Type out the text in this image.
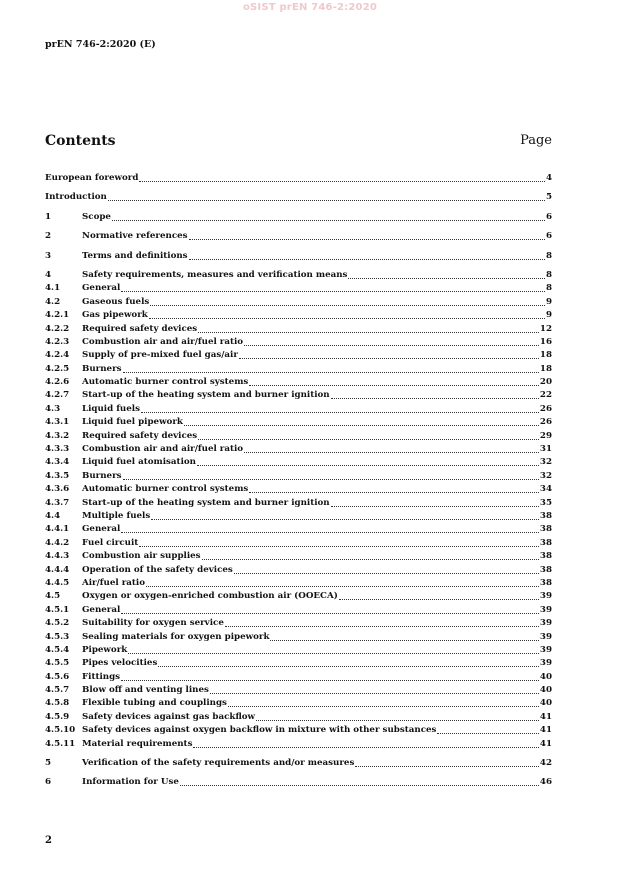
oSIST prEN 746-2:2020
prEN 746-2:2020 (E)
Contents	Page
European foreword	4
Introduction	5
1	Scope	6
2	Normative references	6
3	Terms and definitions	8
4	Safety requirements, measures and verification means	8
4.1	General	8
4.2	Gaseous fuels	9
4.2.1	Gas pipework	9
4.2.2	Required safety devices	12
4.2.3	Combustion air and air/fuel ratio	16
4.2.4	Supply of pre-mixed fuel gas/air	18
4.2.5	Burners	18
4.2.6	Automatic burner control systems	20
4.2.7	Start-up of the heating system and burner ignition	22
4.3	Liquid fuels	26
4.3.1	Liquid fuel pipework	26
4.3.2	Required safety devices	29
4.3.3	Combustion air and air/fuel ratio	31
4.3.4	Liquid fuel atomisation	32
4.3.5	Burners	32
4.3.6	Automatic burner control systems	34
4.3.7	Start-up of the heating system and burner ignition	35
4.4	Multiple fuels	38
4.4.1	General	38
4.4.2	Fuel circuit	38
4.4.3	Combustion air supplies	38
4.4.4	Operation of the safety devices	38
4.4.5	Air/fuel ratio	38
4.5	Oxygen or oxygen-enriched combustion air (OOECA)	39
4.5.1	General	39
4.5.2	Suitability for oxygen service	39
4.5.3	Sealing materials for oxygen pipework	39
4.5.4	Pipework	39
4.5.5	Pipes velocities	39
4.5.6	Fittings	40
4.5.7	Blow off and venting lines	40
4.5.8	Flexible tubing and couplings	40
4.5.9	Safety devices against gas backflow	41
4.5.10 Safety devices against oxygen backflow in mixture with other substances	41
4.5.11 Material requirements	41
5	Verification of the safety requirements and/or measures	42
6	Information for Use	46
2
